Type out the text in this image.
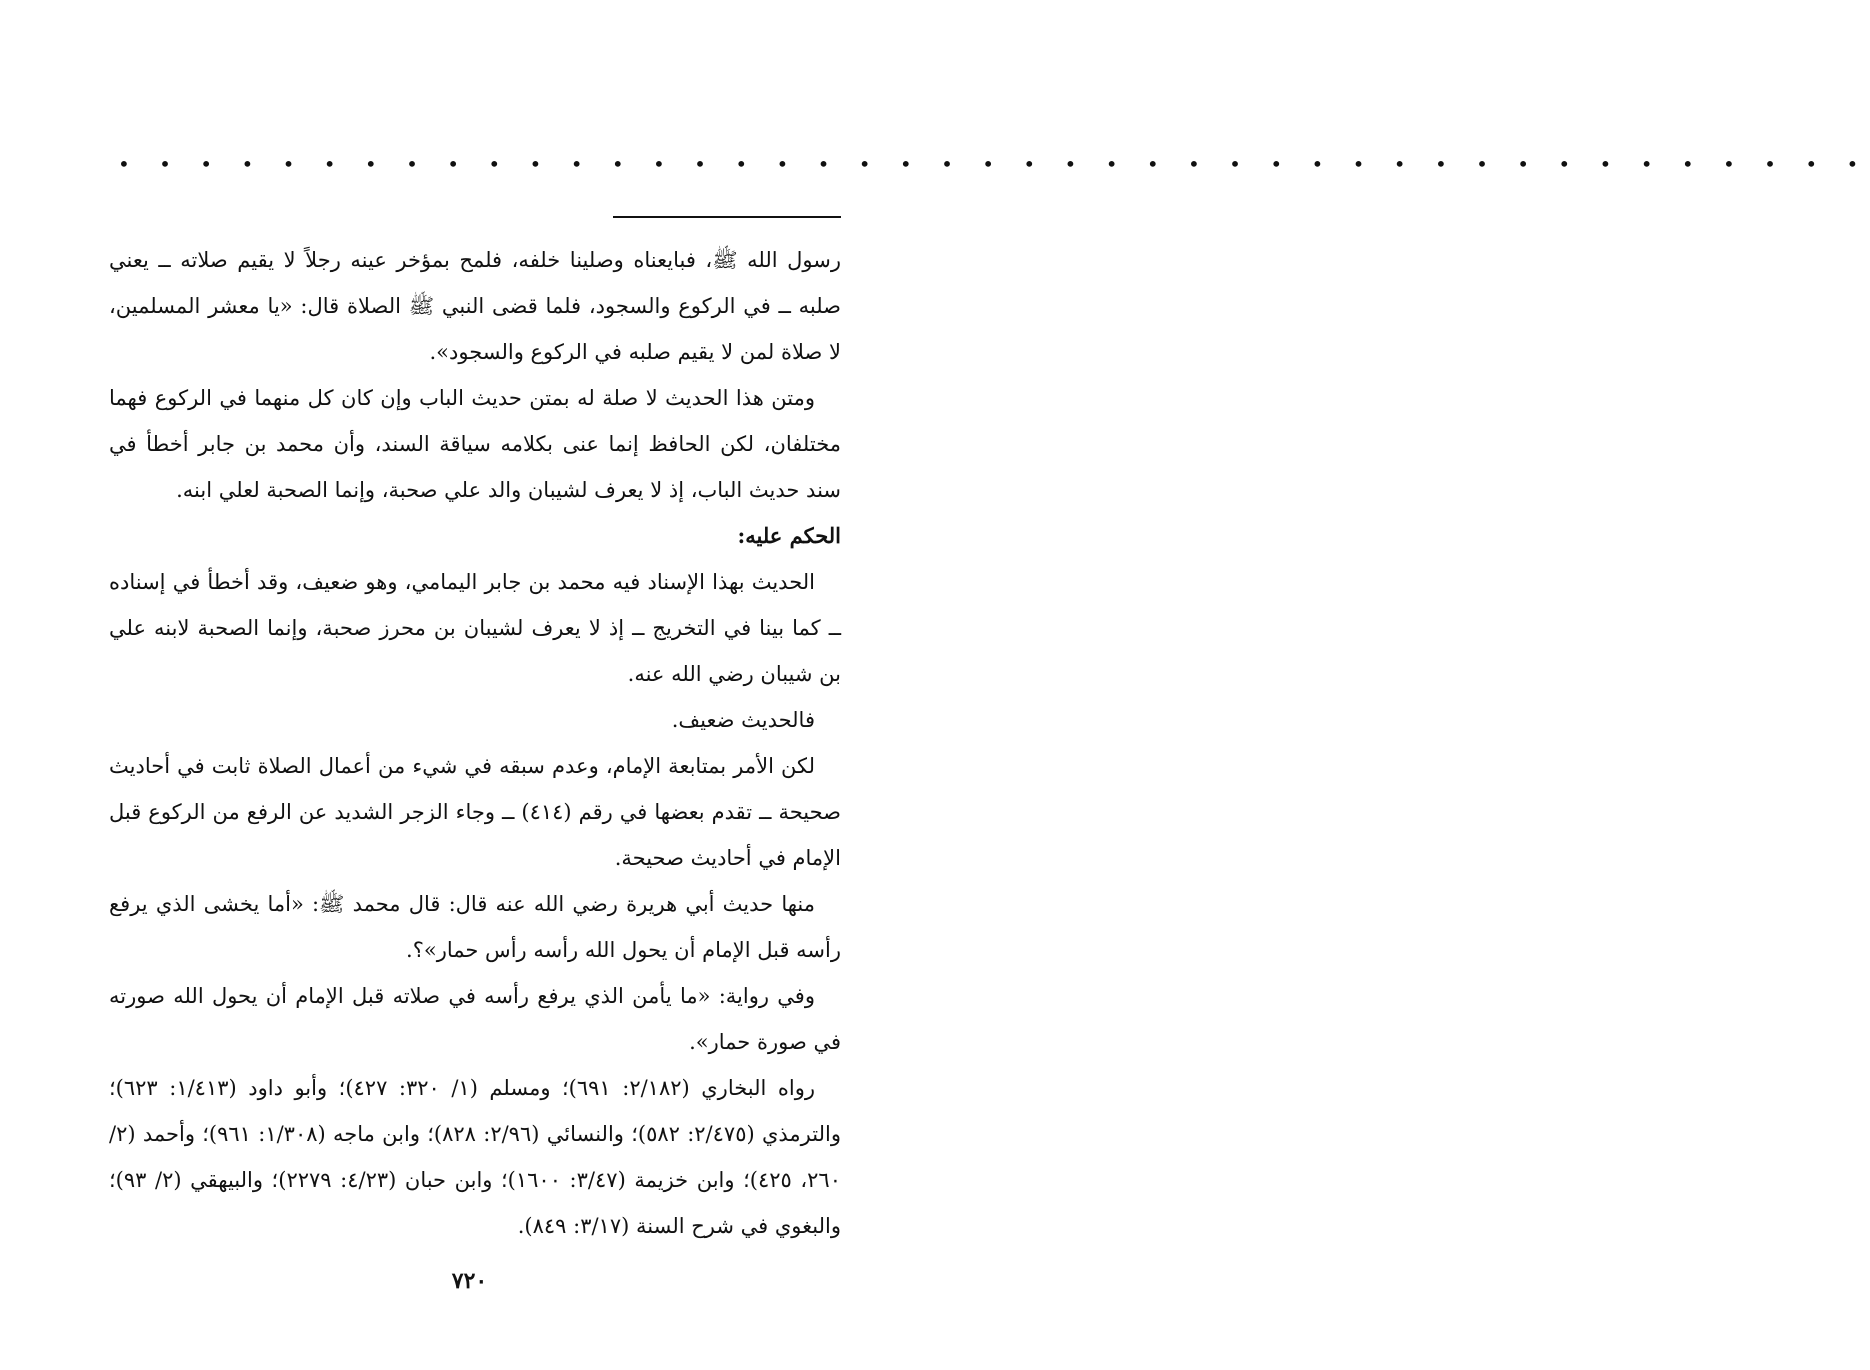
• • • • • • • • • • • • • • • • • • • • • • • • • • • • • • • • • • • • • • • • • • •

رسول الله ﷺ، فبايعناه وصلينا خلفه، فلمح بمؤخر عينه رجلاً لا يقيم صلاته ــ يعني صلبه ــ في الركوع والسجود، فلما قضى النبي ﷺ الصلاة قال: «يا معشر المسلمين، لا صلاة لمن لا يقيم صلبه في الركوع والسجود».

ومتن هذا الحديث لا صلة له بمتن حديث الباب وإن كان كل منهما في الركوع فهما مختلفان، لكن الحافظ إنما عنى بكلامه سياقة السند، وأن محمد بن جابر أخطأ في سند حديث الباب، إذ لا يعرف لشيبان والد علي صحبة، وإنما الصحبة لعلي ابنه.

الحكم عليه:

الحديث بهذا الإسناد فيه محمد بن جابر اليمامي، وهو ضعيف، وقد أخطأ في إسناده ــ كما بينا في التخريج ــ إذ لا يعرف لشيبان بن محرز صحبة، وإنما الصحبة لابنه علي بن شيبان رضي الله عنه.

فالحديث ضعيف.

لكن الأمر بمتابعة الإمام، وعدم سبقه في شيء من أعمال الصلاة ثابت في أحاديث صحيحة ــ تقدم بعضها في رقم (٤١٤) ــ وجاء الزجر الشديد عن الرفع من الركوع قبل الإمام في أحاديث صحيحة.

منها حديث أبي هريرة رضي الله عنه قال: قال محمد ﷺ: «أما يخشى الذي يرفع رأسه قبل الإمام أن يحول الله رأسه رأس حمار»؟.

وفي رواية: «ما يأمن الذي يرفع رأسه في صلاته قبل الإمام أن يحول الله صورته في صورة حمار».

رواه البخاري (٢/١٨٢: ٦٩١)؛ ومسلم (١/ ٣٢٠: ٤٢٧)؛ وأبو داود (١/٤١٣: ٦٢٣)؛ والترمذي (٢/٤٧٥: ٥٨٢)؛ والنسائي (٢/٩٦: ٨٢٨)؛ وابن ماجه (١/٣٠٨: ٩٦١)؛ وأحمد (٢/ ٢٦٠، ٤٢٥)؛ وابن خزيمة (٣/٤٧: ١٦٠٠)؛ وابن حبان (٤/٢٣: ٢٢٧٩)؛ والبيهقي (٢/ ٩٣)؛ والبغوي في شرح السنة (٣/١٧: ٨٤٩).

٧٢٠
